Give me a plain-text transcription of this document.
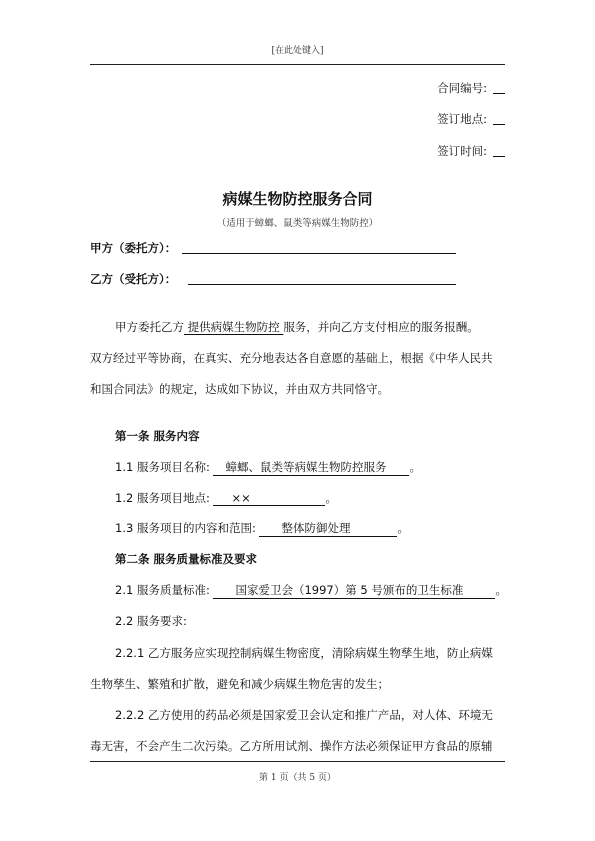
[在此处键入]
合同编号:
签订地点:
签订时间:
病媒生物防控服务合同
（适用于蟑螂、鼠类等病媒生物防控）
甲方（委托方）：
乙方（受托方）：
甲方委托乙方 提供病媒生物防控 服务，并向乙方支付相应的服务报酬。
双方经过平等协商，在真实、充分地表达各自意愿的基础上，根据《中华人民共
和国合同法》的规定，达成如下协议，并由双方共同恪守。
第一条 服务内容
1.1 服务项目名称: 蟑螂、鼠类等病媒生物防控服务 。
1.2 服务项目地点: ××	。
1.3 服务项目的内容和范围: 整体防御处理	。
第二条 服务质量标准及要求
2.1 服务质量标准: 国家爱卫会（1997）第 5 号颁布的卫生标准	。
2.2 服务要求:
2.2.1 乙方服务应实现控制病媒生物密度，清除病媒生物孳生地，防止病媒
生物孳生、繁殖和扩散，避免和减少病媒生物危害的发生；
2.2.2 乙方使用的药品必须是国家爱卫会认定和推广产品，对人体、环境无
毒无害，不会产生二次污染。乙方所用试剂、操作方法必须保证甲方食品的原辅
第 1 页（共 5 页）
